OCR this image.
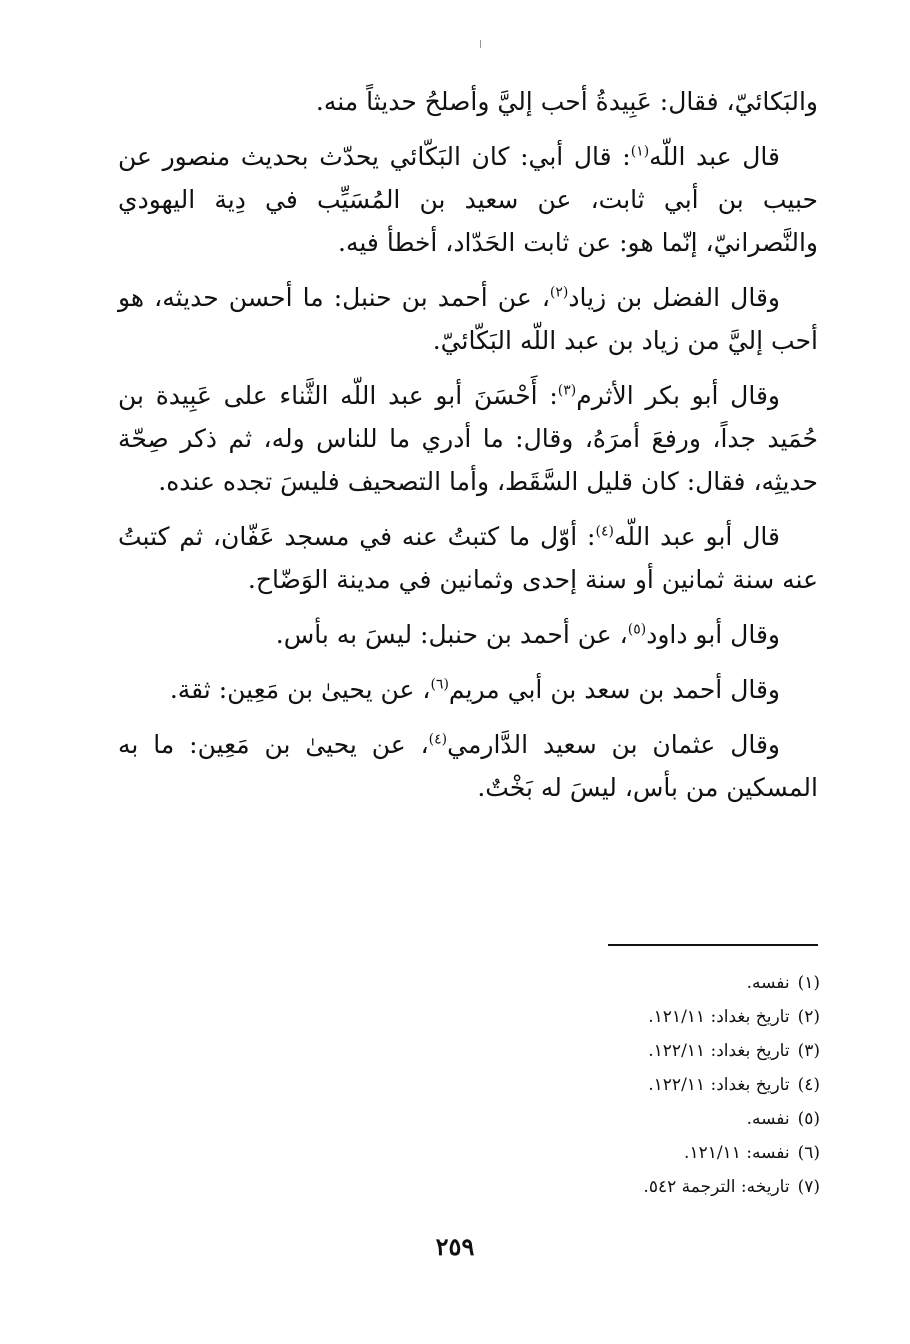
والبَكائيّ، فقال: عَبِيدةُ أحب إليَّ وأصلحُ حديثاً منه.

قال عبد اللّه$^{(١)}$: قال أبي: كان البَكّائي يحدّث بحديث منصور عن حبيب بن أبي ثابت، عن سعيد بن المُسَيِّب في دِية اليهودي والنَّصرانيّ، إنّما هو: عن ثابت الحَدّاد، أخطأ فيه.

وقال الفضل بن زياد$^{(٢)}$، عن أحمد بن حنبل: ما أحسن حديثه، هو أحب إليَّ من زياد بن عبد اللّه البَكّائيّ.

وقال أبو بكر الأثرم$^{(٣)}$: أَحْسَنَ أبو عبد اللّه الثَّناء على عَبِيدة بن حُمَيد جداً، ورفعَ أمرَهُ، وقال: ما أدري ما للناس وله، ثم ذكر صِحّة حديثِه، فقال: كان قليل السَّقَط، وأما التصحيف فليسَ تجده عنده.

قال أبو عبد اللّه$^{(٤)}$: أوّل ما كتبتُ عنه في مسجد عَفّان، ثم كتبتُ عنه سنة ثمانين أو سنة إحدى وثمانين في مدينة الوَضّاح.

وقال أبو داود$^{(٥)}$، عن أحمد بن حنبل: ليسَ به بأس.

وقال أحمد بن سعد بن أبي مريم$^{(٦)}$، عن يحيىٰ بن مَعِين: ثقة.

وقال عثمان بن سعيد الدَّارمي$^{(٤)}$، عن يحيىٰ بن مَعِين: ما به المسكين من بأس، ليسَ له بَخْتٌ.

(١)نفسه.

(٢)تاريخ بغداد: ١٢١/١١.

(٣)تاريخ بغداد: ١٢٢/١١.

(٤)تاريخ بغداد: ١٢٢/١١.

(٥)نفسه.

(٦)نفسه: ١٢١/١١.

(٧)تاريخه: الترجمة ٥٤٢.

٢٥٩
